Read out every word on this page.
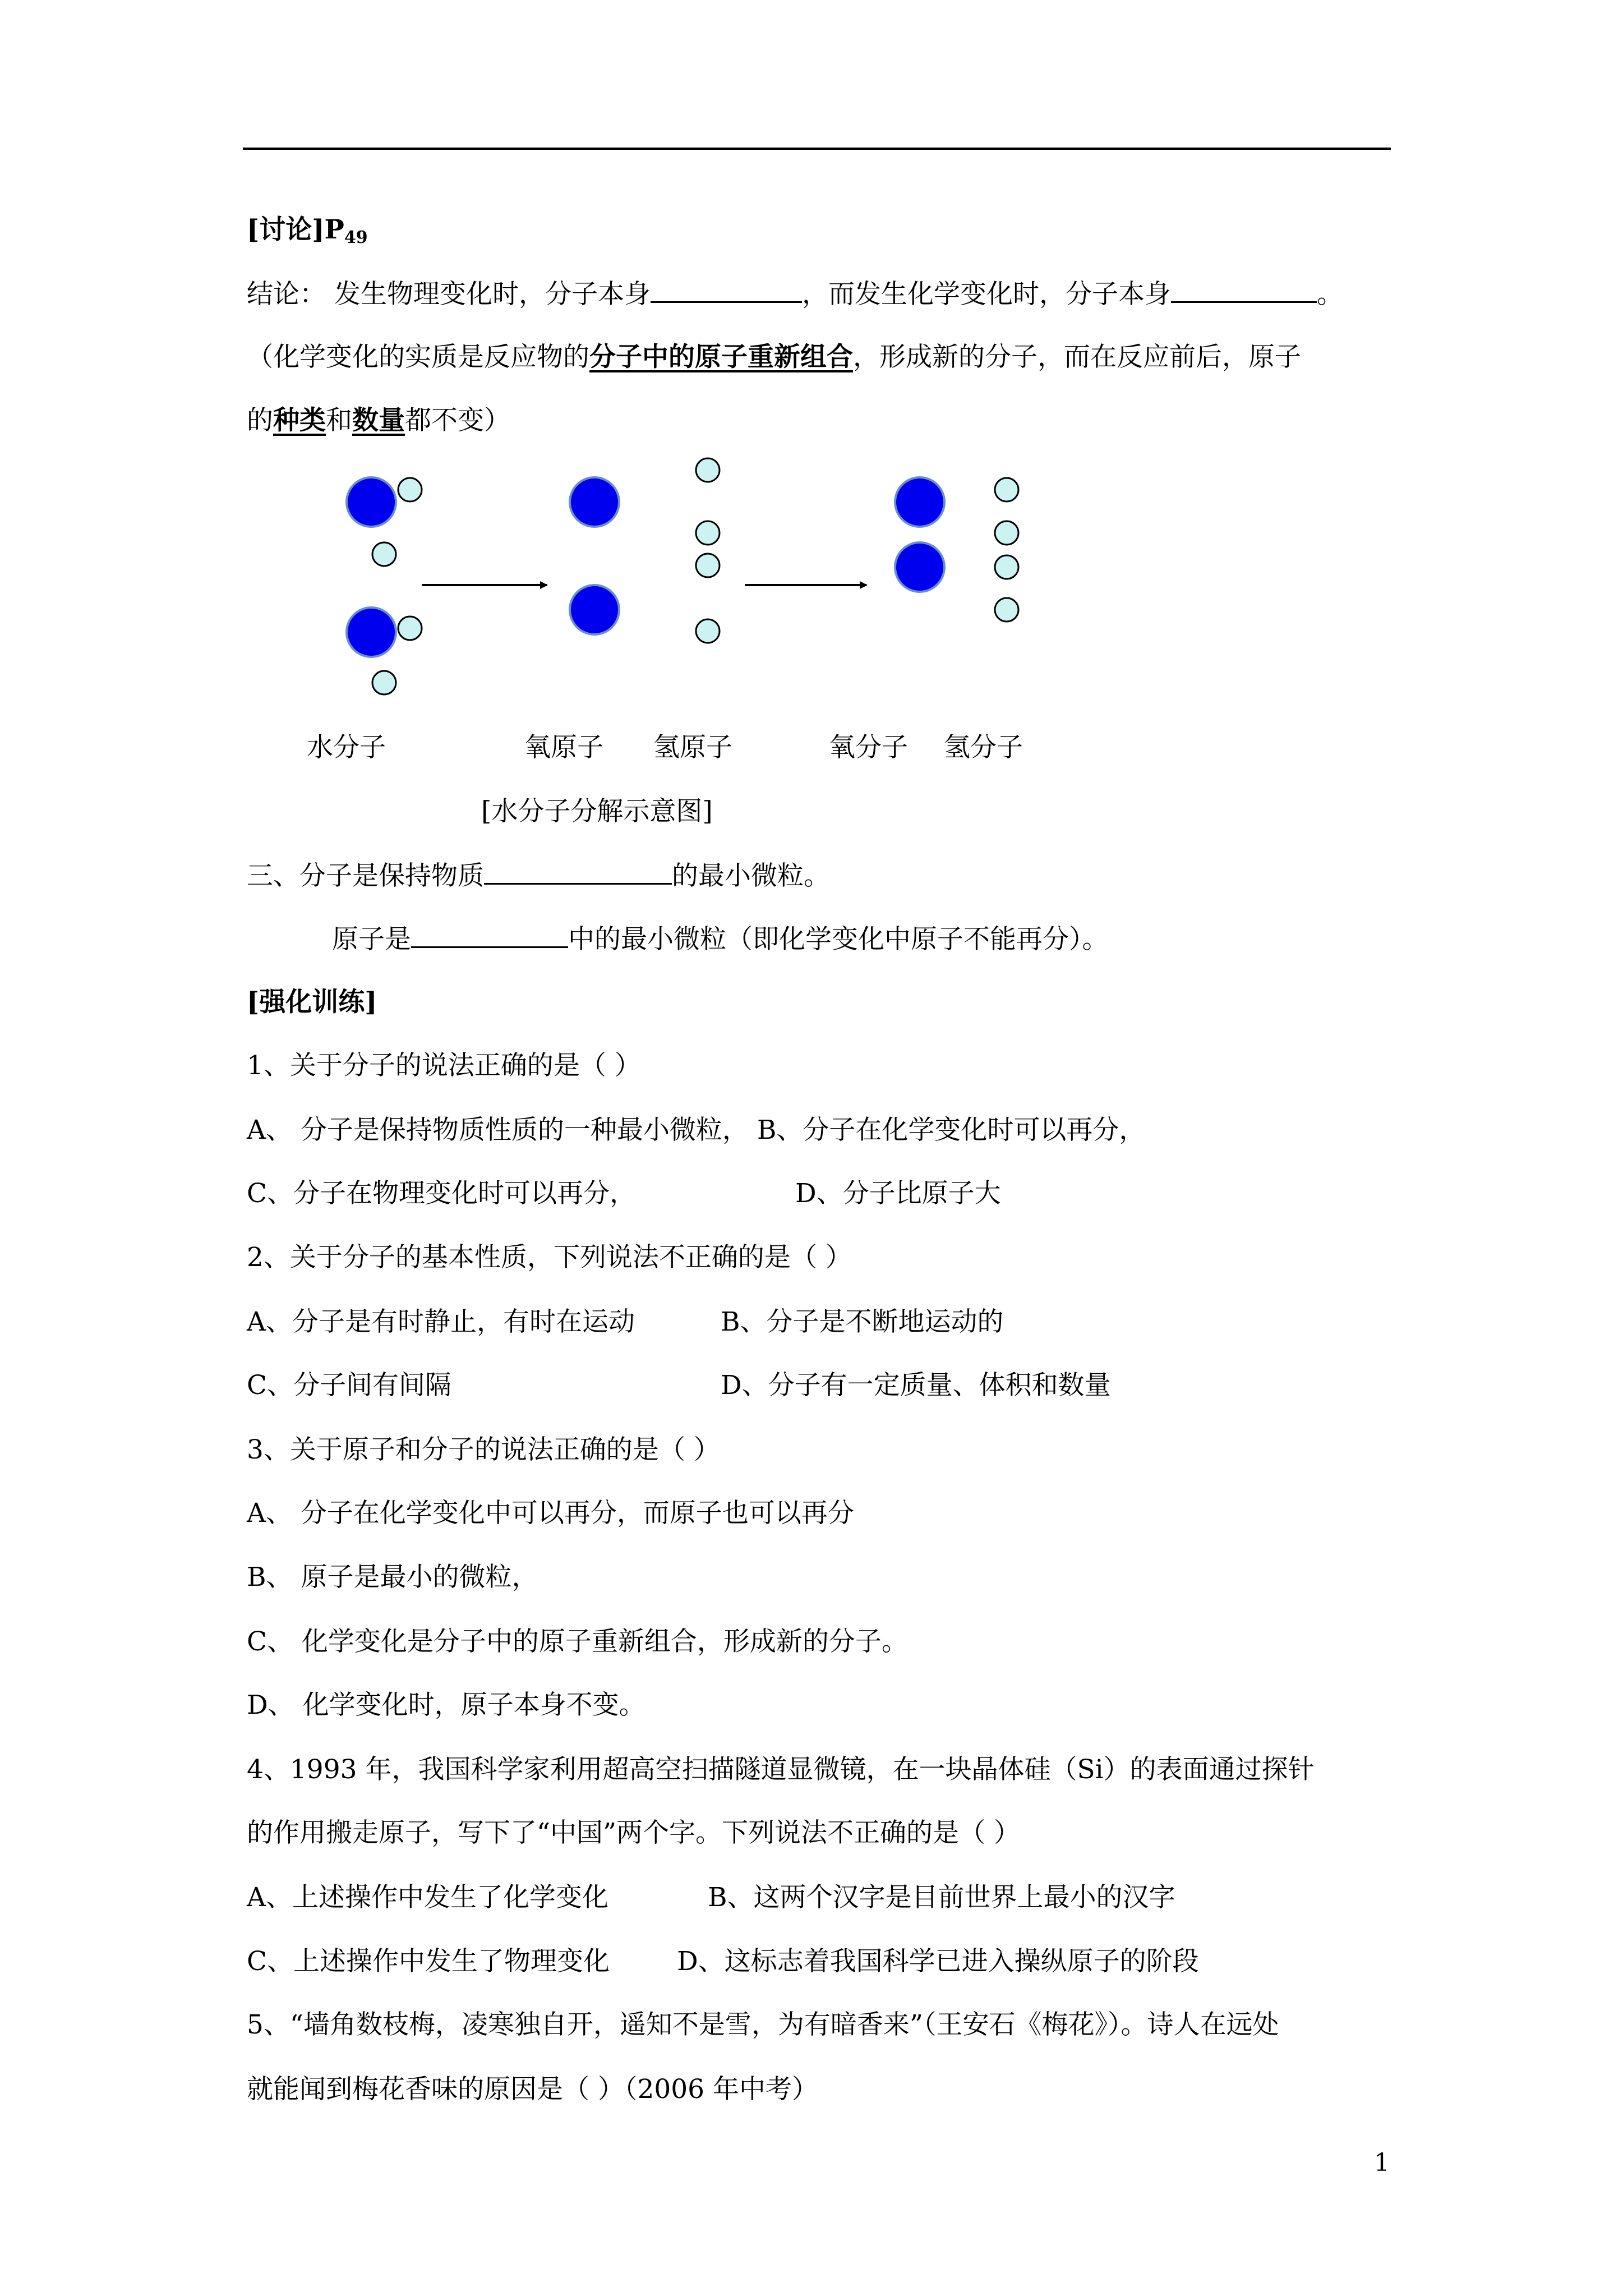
[讨论]$P_{49}$
结论： 发生物理变化时，分子本身	，而发生化学变化时，分子本身	。
（化学变化的实质是反应物的分子中的原子重新组合，形成新的分子，而在反应前后，原子
的种类和数量都不变）
水分子	氧原子 氢原子	氧分子 氢分子
[水分子分解示意图]
三、分子是保持物质	的最小微粒。
原子是	中的最小微粒（即化学变化中原子不能再分）。
[强化训练]
1、关于分子的说法正确的是（ ）
A、 分子是保持物质性质的一种最小微粒， B、分子在化学变化时可以再分，
C、分子在物理变化时可以再分，	D、分子比原子大
2、关于分子的基本性质，下列说法不正确的是（ ）
A、分子是有时静止，有时在运动	B、分子是不断地运动的
C、分子间有间隔	D、分子有一定质量、体积和数量
3、关于原子和分子的说法正确的是（ ）
A、 分子在化学变化中可以再分，而原子也可以再分
B、 原子是最小的微粒，
C、 化学变化是分子中的原子重新组合，形成新的分子。
D、 化学变化时，原子本身不变。
4、1993 年，我国科学家利用超高空扫描隧道显微镜，在一块晶体硅（Si）的表面通过探针
的作用搬走原子，写下了“中国”两个字。下列说法不正确的是（ ）
A、上述操作中发生了化学变化	B、这两个汉字是目前世界上最小的汉字
C、上述操作中发生了物理变化	D、这标志着我国科学已进入操纵原子的阶段
5、“墙角数枝梅，凌寒独自开，遥知不是雪，为有暗香来”（王安石《梅花》）。诗人在远处
就能闻到梅花香味的原因是（ ）（2006 年中考）
1
